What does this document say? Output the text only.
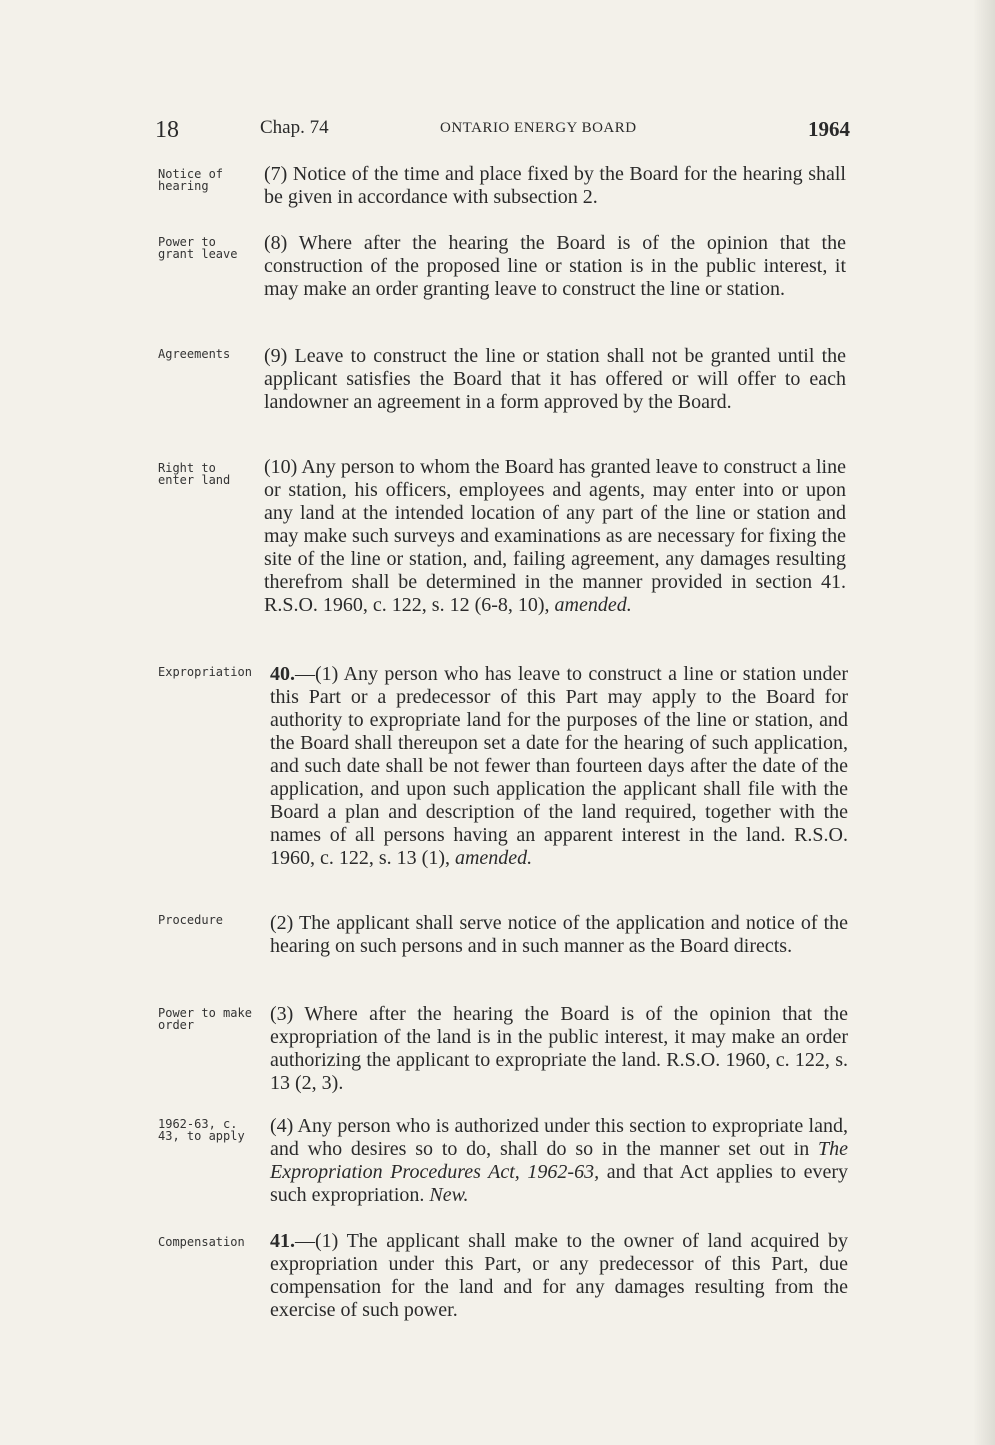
18	Chap. 74	ONTARIO ENERGY BOARD	1964
Notice of hearing
Power to grant leave
Agreements
Right to enter land
Expropriation
Procedure
Power to make order
1962-63, c. 43, to apply
Compensation
(7) Notice of the time and place fixed by the Board for the hearing shall be given in accordance with subsection 2.
(8) Where after the hearing the Board is of the opinion that the construction of the proposed line or station is in the public interest, it may make an order granting leave to construct the line or station.
(9) Leave to construct the line or station shall not be granted until the applicant satisfies the Board that it has offered or will offer to each landowner an agreement in a form approved by the Board.
(10) Any person to whom the Board has granted leave to construct a line or station, his officers, employees and agents, may enter into or upon any land at the intended location of any part of the line or station and may make such surveys and examinations as are necessary for fixing the site of the line or station, and, failing agreement, any damages resulting therefrom shall be determined in the manner provided in section 41. R.S.O. 1960, c. 122, s. 12 (6-8, 10), amended.
40.—(1) Any person who has leave to construct a line or station under this Part or a predecessor of this Part may apply to the Board for authority to expropriate land for the purposes of the line or station, and the Board shall thereupon set a date for the hearing of such application, and such date shall be not fewer than fourteen days after the date of the application, and upon such application the applicant shall file with the Board a plan and description of the land required, together with the names of all persons having an apparent interest in the land. R.S.O. 1960, c. 122, s. 13 (1), amended.
(2) The applicant shall serve notice of the application and notice of the hearing on such persons and in such manner as the Board directs.
(3) Where after the hearing the Board is of the opinion that the expropriation of the land is in the public interest, it may make an order authorizing the applicant to expropriate the land. R.S.O. 1960, c. 122, s. 13 (2, 3).
(4) Any person who is authorized under this section to expropriate land, and who desires so to do, shall do so in the manner set out in The Expropriation Procedures Act, 1962-63, and that Act applies to every such expropriation. New.
41.—(1) The applicant shall make to the owner of land acquired by expropriation under this Part, or any predecessor of this Part, due compensation for the land and for any damages resulting from the exercise of such power.
